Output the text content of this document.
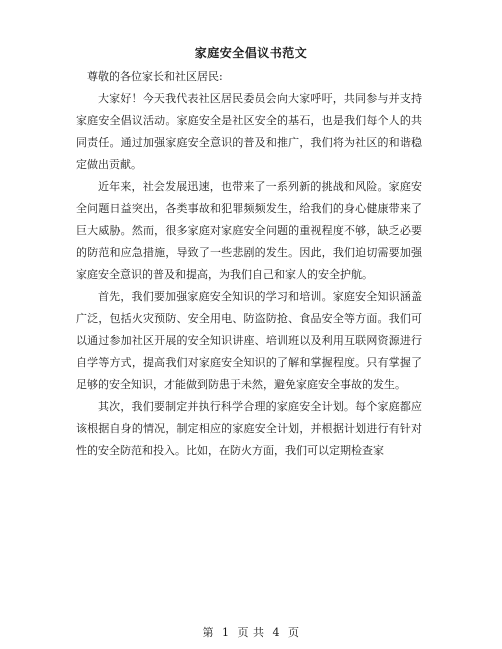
家庭安全倡议书范文

尊敬的各位家长和社区居民:

大家好！今天我代表社区居民委员会向大家呼吁，共同参与并支持家庭安全倡议活动。家庭安全是社区安全的基石，也是我们每个人的共同责任。通过加强家庭安全意识的普及和推广，我们将为社区的和谐稳定做出贡献。

近年来，社会发展迅速，也带来了一系列新的挑战和风险。家庭安全问题日益突出，各类事故和犯罪频频发生，给我们的身心健康带来了巨大威胁。然而，很多家庭对家庭安全问题的重视程度不够，缺乏必要的防范和应急措施，导致了一些悲剧的发生。因此，我们迫切需要加强家庭安全意识的普及和提高，为我们自己和家人的安全护航。

首先，我们要加强家庭安全知识的学习和培训。家庭安全知识涵盖广泛，包括火灾预防、安全用电、防盗防抢、食品安全等方面。我们可以通过参加社区开展的安全知识讲座、培训班以及利用互联网资源进行自学等方式，提高我们对家庭安全知识的了解和掌握程度。只有掌握了足够的安全知识，才能做到防患于未然，避免家庭安全事故的发生。

其次，我们要制定并执行科学合理的家庭安全计划。每个家庭都应该根据自身的情况，制定相应的家庭安全计划，并根据计划进行有针对性的安全防范和投入。比如，在防火方面，我们可以定期检查家

第 1 页 共 4 页
